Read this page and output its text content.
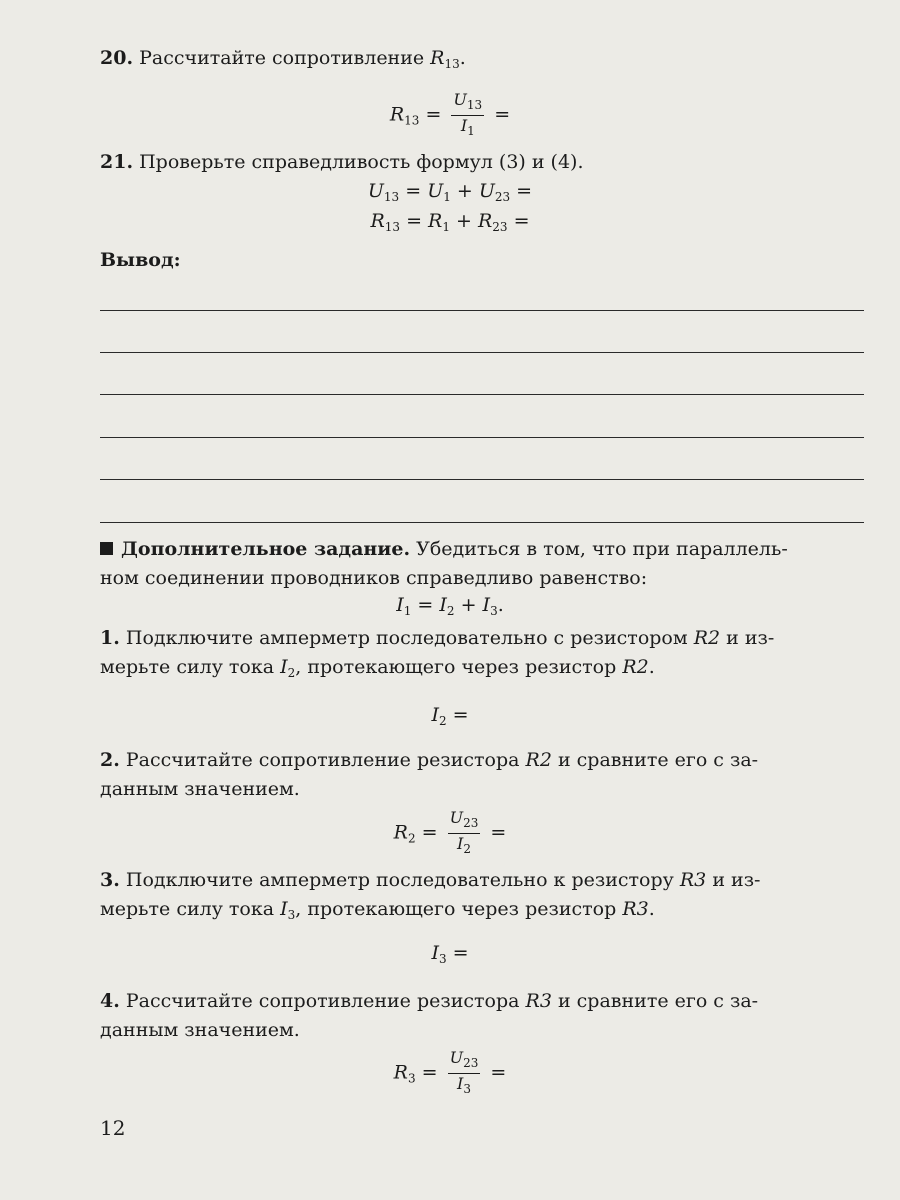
20. Рассчитайте сопротивление $R_{13}$.
$R_{13} = \frac{U_{13}}{I_1}$ =
21. Проверьте справедливость формул (3) и (4).
$U_{13} = U_1 + U_{23}$ =
$R_{13} = R_1 + R_{23}$ =
Вывод:
Дополнительное задание. Убедиться в том, что при параллель-
ном соединении проводников справедливо равенство:
$I_1 = I_2 + I_3$.
1. Подключите амперметр последовательно с резистором R2 и из-
мерьте силу тока $I_2$, протекающего через резистор R2.
$I_2$ =
2. Рассчитайте сопротивление резистора R2 и сравните его с за-
данным значением.
$R_2 = \frac{U_{23}}{I_2}$ =
3. Подключите амперметр последовательно к резистору R3 и из-
мерьте силу тока $I_3$, протекающего через резистор R3.
$I_3$ =
4. Рассчитайте сопротивление резистора R3 и сравните его с за-
данным значением.
$R_3 = \frac{U_{23}}{I_3}$ =
12
